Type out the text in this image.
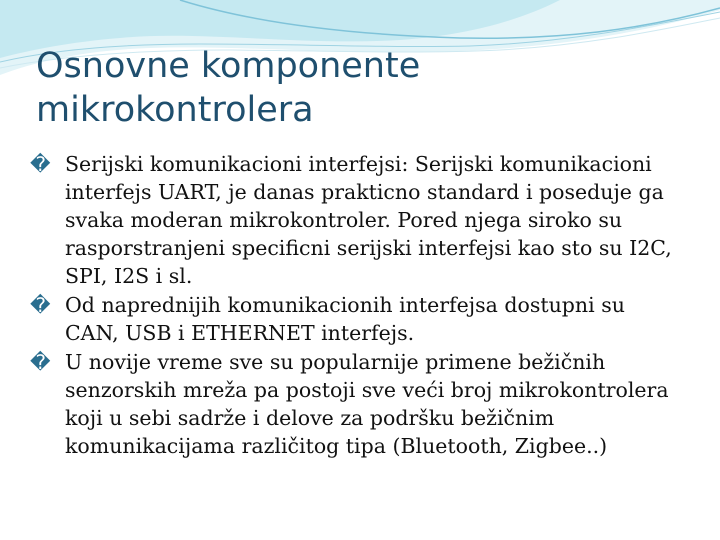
Osnovne komponente
mikrokontrolera
� Serijski komunikacioni interfejsi: Serijski komunikacioni interfejs UART, je danas prakticno standard i poseduje ga svaka moderan mikrokontroler. Pored njega siroko su rasporstranjeni specificni serijski interfejsi kao sto su I2C, SPI, I2S i sl.
� Od naprednijih komunikacionih interfejsa dostupni su CAN, USB i ETHERNET interfejs.
� U novije vreme sve su popularnije primene bežičnih senzorskih mreža pa postoji sve veći broj mikrokontrolera koji u sebi sadrže i delove za podršku bežičnim komunikacijama različitog tipa (Bluetooth, Zigbee..)
